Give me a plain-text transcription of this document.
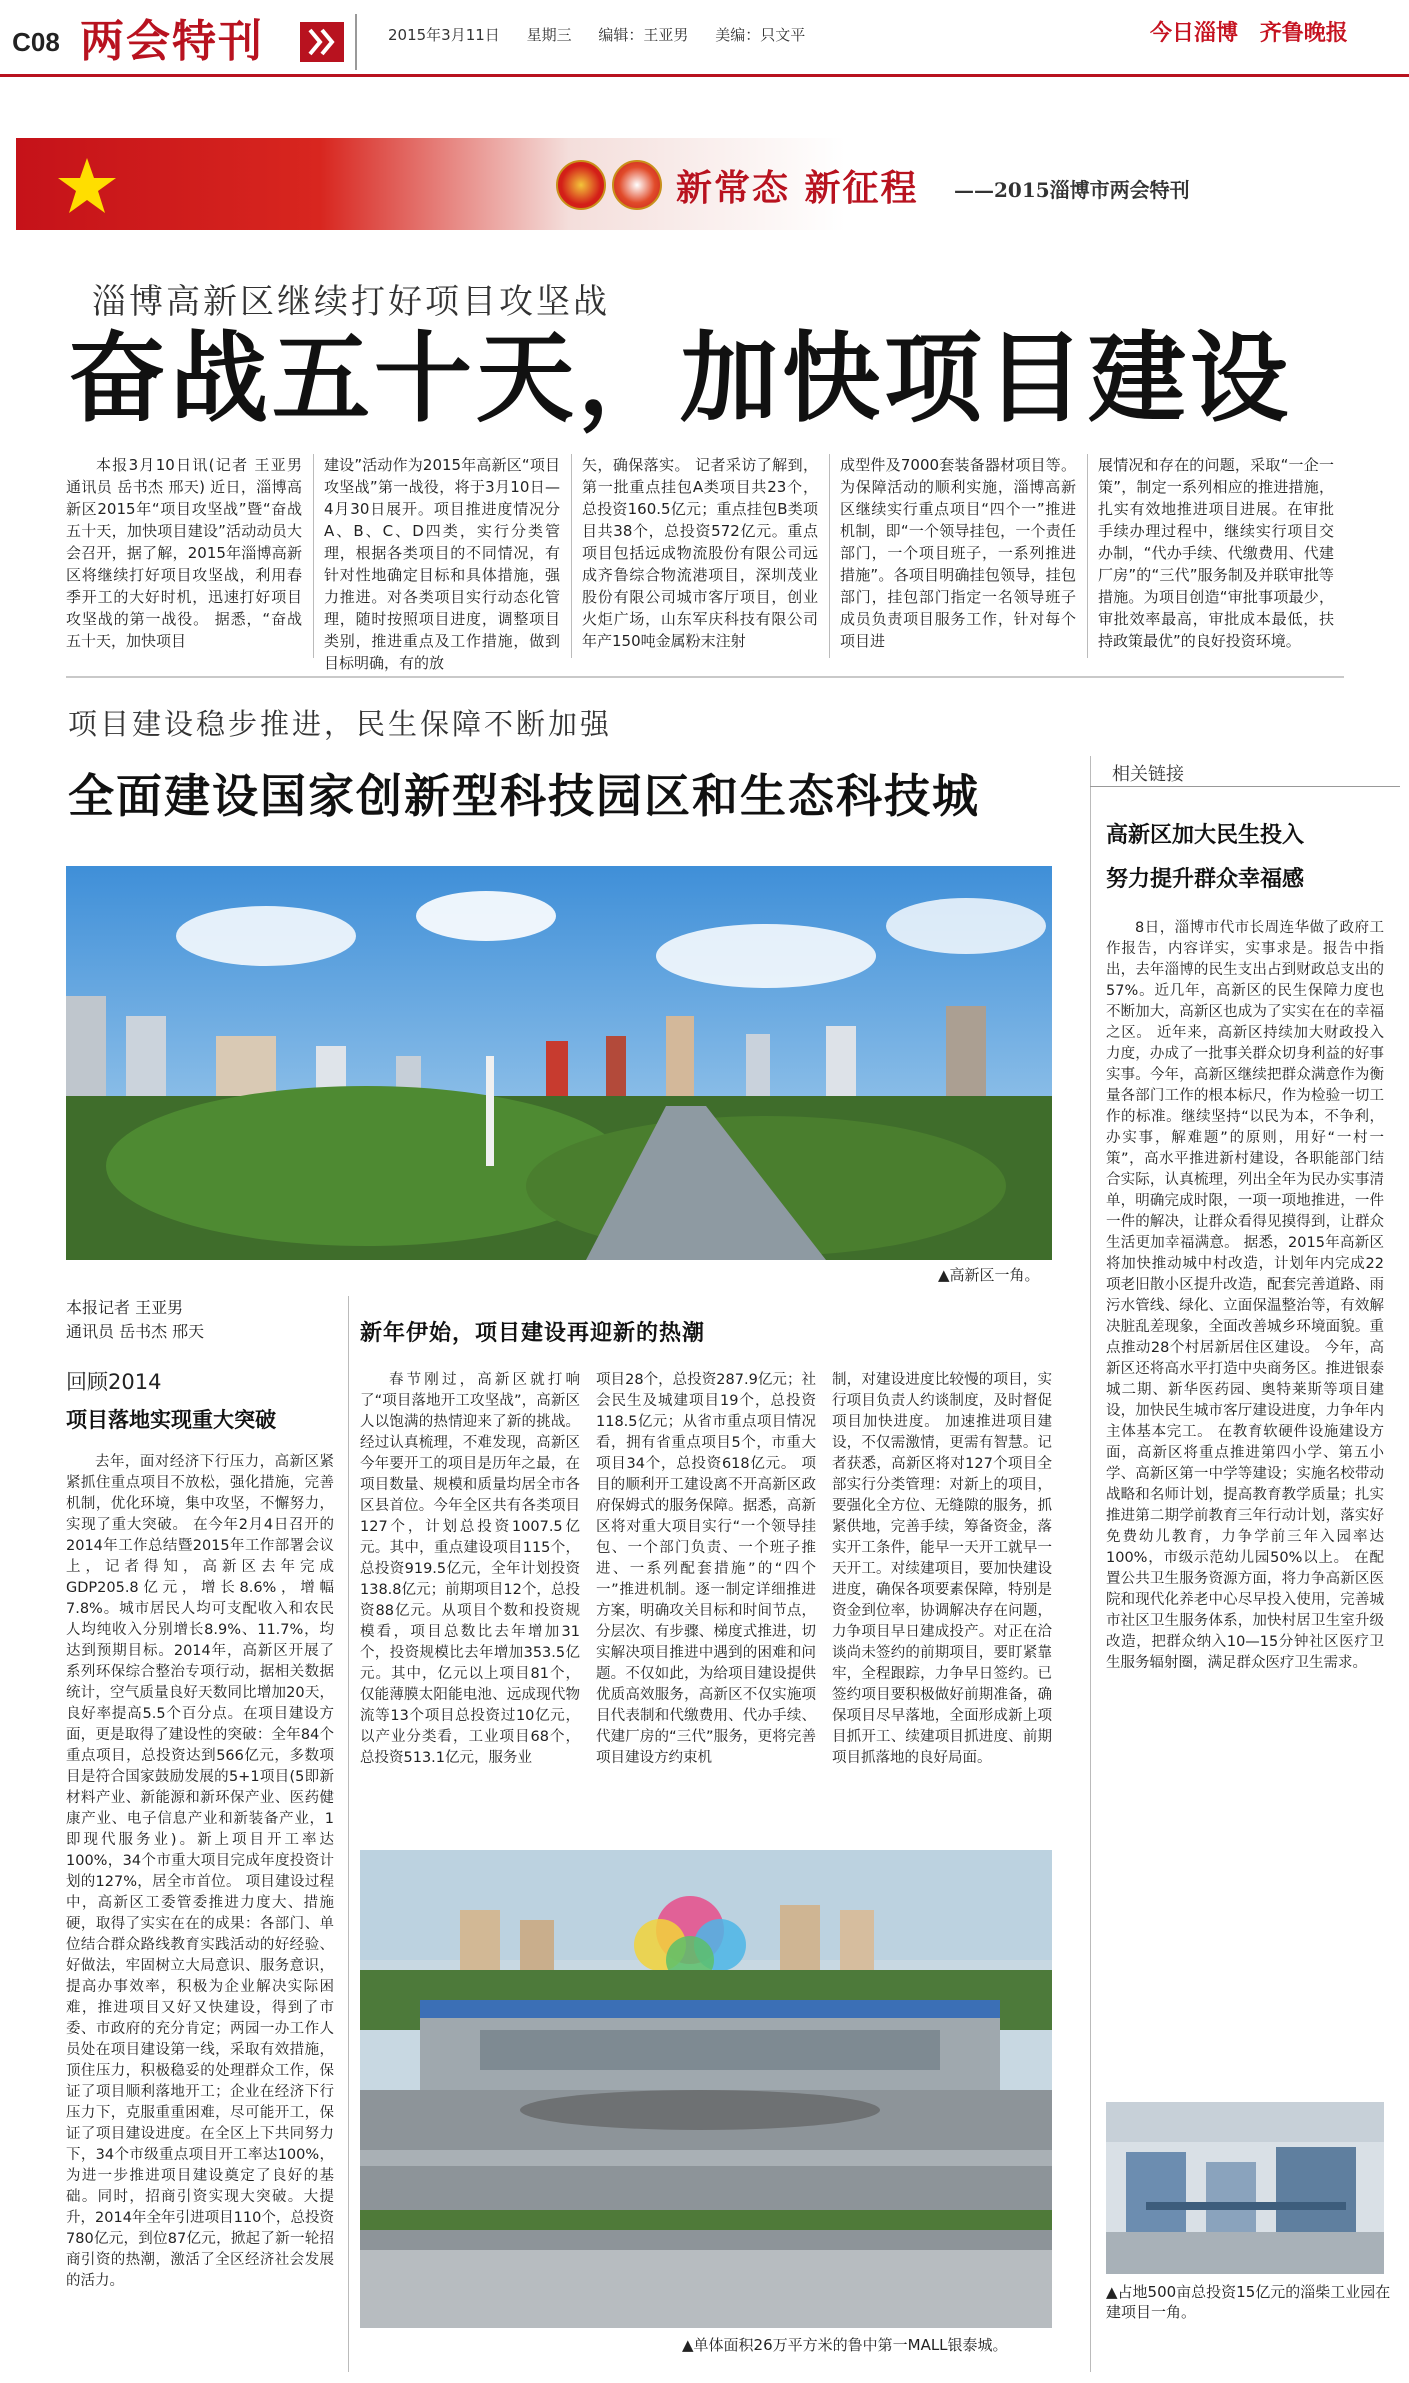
C08 两会特刊	2015年3月11日 星期三 编辑：王亚男 美编：只文平	今日淄博 齐鲁晚报
新常态 新征程 ——2015淄博市两会特刊
淄博高新区继续打好项目攻坚战
奋战五十天，加快项目建设

本报3月10日讯(记者 王亚男 通讯员 岳书杰 邢天) 近日，淄博高新区2015年“项目攻坚战”暨“奋战五十天，加快项目建设”活动动员大会召开，据了解，2015年淄博高新区将继续打好项目攻坚战，利用春季开工的大好时机，迅速打好项目攻坚战的第一战役。 据悉，“奋战五十天，加快项目

建设”活动作为2015年高新区“项目攻坚战”第一战役，将于3月10日—4月30日展开。项目推进度情况分A、B、C、D四类，实行分类管理，根据各类项目的不同情况，有针对性地确定目标和具体措施，强力推进。对各类项目实行动态化管理，随时按照项目进度，调整项目类别，推进重点及工作措施，做到目标明确，有的放

矢，确保落实。 记者采访了解到，第一批重点挂包A类项目共23个，总投资160.5亿元；重点挂包B类项目共38个，总投资572亿元。重点项目包括远成物流股份有限公司远成齐鲁综合物流港项目，深圳茂业股份有限公司城市客厅项目，创业火炬广场，山东军庆科技有限公司年产150吨金属粉末注射

成型件及7000套装备器材项目等。 为保障活动的顺利实施，淄博高新区继续实行重点项目“四个一”推进机制，即“一个领导挂包，一个责任部门，一个项目班子，一系列推进措施”。各项目明确挂包领导，挂包部门，挂包部门指定一名领导班子成员负责项目服务工作，针对每个项目进

展情况和存在的问题，采取“一企一策”，制定一系列相应的推进措施，扎实有效地推进项目进展。在审批手续办理过程中，继续实行项目交办制，“代办手续、代缴费用、代建厂房”的“三代”服务制及并联审批等措施。为项目创造“审批事项最少，审批效率最高，审批成本最低，扶持政策最优”的良好投资环境。

项目建设稳步推进，民生保障不断加强
全面建设国家创新型科技园区和生态科技城
▲高新区一角。
本报记者 王亚男
通讯员 岳书杰 邢天
回顾2014
项目落地实现重大突破

去年，面对经济下行压力，高新区紧紧抓住重点项目不放松，强化措施，完善机制，优化环境，集中攻坚，不懈努力，实现了重大突破。 在今年2月4日召开的2014年工作总结暨2015年工作部署会议上，记者得知，高新区去年完成GDP205.8亿元，增长8.6%，增幅7.8%。城市居民人均可支配收入和农民人均纯收入分别增长8.9%、11.7%，均达到预期目标。2014年，高新区开展了系列环保综合整治专项行动，据相关数据统计，空气质量良好天数同比增加20天，良好率提高5.5个百分点。在项目建设方面，更是取得了建设性的突破：全年84个重点项目，总投资达到566亿元，多数项目是符合国家鼓励发展的5+1项目(5即新材料产业、新能源和新环保产业、医药健康产业、电子信息产业和新装备产业，1即现代服务业)。新上项目开工率达100%，34个市重大项目完成年度投资计划的127%，居全市首位。 项目建设过程中，高新区工委管委推进力度大、措施硬，取得了实实在在的成果：各部门、单位结合群众路线教育实践活动的好经验、好做法，牢固树立大局意识、服务意识，提高办事效率，积极为企业解决实际困难，推进项目又好又快建设，得到了市委、市政府的充分肯定；两园一办工作人员处在项目建设第一线，采取有效措施，顶住压力，积极稳妥的处理群众工作，保证了项目顺利落地开工；企业在经济下行压力下，克服重重困难，尽可能开工，保证了项目建设进度。在全区上下共同努力下，34个市级重点项目开工率达100%，为进一步推进项目建设奠定了良好的基础。同时，招商引资实现大突破。大提升，2014年全年引进项目110个，总投资780亿元，到位87亿元，掀起了新一轮招商引资的热潮，激活了全区经济社会发展的活力。

新年伊始，项目建设再迎新的热潮

春节刚过，高新区就打响了“项目落地开工攻坚战”，高新区人以饱满的热情迎来了新的挑战。经过认真梳理，不难发现，高新区今年要开工的项目是历年之最，在项目数量、规模和质量均居全市各区县首位。今年全区共有各类项目127个，计划总投资1007.5亿元。其中，重点建设项目115个，总投资919.5亿元，全年计划投资138.8亿元；前期项目12个，总投资88亿元。从项目个数和投资规模看，项目总数比去年增加31个，投资规模比去年增加353.5亿元。其中，亿元以上项目81个，仅能薄膜太阳能电池、远成现代物流等13个项目总投资过10亿元，以产业分类看，工业项目68个，总投资513.1亿元，服务业

项目28个，总投资287.9亿元；社会民生及城建项目19个，总投资118.5亿元；从省市重点项目情况看，拥有省重点项目5个，市重大项目34个，总投资618亿元。 项目的顺利开工建设离不开高新区政府保姆式的服务保障。据悉，高新区将对重大项目实行“一个领导挂包、一个部门负责、一个班子推进、一系列配套措施”的“四个一”推进机制。逐一制定详细推进方案，明确攻关目标和时间节点，分层次、有步骤、梯度式推进，切实解决项目推进中遇到的困难和问题。不仅如此，为给项目建设提供优质高效服务，高新区不仅实施项目代表制和代缴费用、代办手续、代建厂房的“三代”服务，更将完善项目建设方约束机

制，对建设进度比较慢的项目，实行项目负责人约谈制度，及时督促项目加快进度。 加速推进项目建设，不仅需激情，更需有智慧。记者获悉，高新区将对127个项目全部实行分类管理：对新上的项目，要强化全方位、无缝隙的服务，抓紧供地，完善手续，筹备资金，落实开工条件，能早一天开工就早一天开工。对续建项目，要加快建设进度，确保各项要素保障，特别是资金到位率，协调解决存在问题，力争项目早日建成投产。对正在洽谈尚未签约的前期项目，要盯紧靠牢，全程跟踪，力争早日签约。已签约项目要积极做好前期准备，确保项目尽早落地，全面形成新上项目抓开工、续建项目抓进度、前期项目抓落地的良好局面。

▲单体面积26万平方米的鲁中第一MALL银泰城。
相关链接
高新区加大民生投入
努力提升群众幸福感

8日，淄博市代市长周连华做了政府工作报告，内容详实，实事求是。报告中指出，去年淄博的民生支出占到财政总支出的57%。近几年，高新区的民生保障力度也不断加大，高新区也成为了实实在在的幸福之区。 近年来，高新区持续加大财政投入力度，办成了一批事关群众切身利益的好事实事。今年，高新区继续把群众满意作为衡量各部门工作的根本标尺，作为检验一切工作的标准。继续坚持“以民为本，不争利，办实事，解难题”的原则，用好“一村一策”，高水平推进新村建设，各职能部门结合实际，认真梳理，列出全年为民办实事清单，明确完成时限，一项一项地推进，一件一件的解决，让群众看得见摸得到，让群众生活更加幸福满意。 据悉，2015年高新区将加快推动城中村改造，计划年内完成22项老旧散小区提升改造，配套完善道路、雨污水管线、绿化、立面保温整治等，有效解决脏乱差现象，全面改善城乡环境面貌。重点推动28个村居新居住区建设。 今年，高新区还将高水平打造中央商务区。推进银泰城二期、新华医药园、奥特莱斯等项目建设，加快民生城市客厅建设进度，力争年内主体基本完工。 在教育软硬件设施建设方面，高新区将重点推进第四小学、第五小学、高新区第一中学等建设；实施名校带动战略和名师计划，提高教育教学质量；扎实推进第二期学前教育三年行动计划，落实好免费幼儿教育，力争学前三年入园率达100%，市级示范幼儿园50%以上。 在配置公共卫生服务资源方面，将力争高新区医院和现代化养老中心尽早投入使用，完善城市社区卫生服务体系，加快村居卫生室升级改造，把群众纳入10—15分钟社区医疗卫生服务辐射圈，满足群众医疗卫生需求。

▲占地500亩总投资15亿元的淄柴工业园在建项目一角。
